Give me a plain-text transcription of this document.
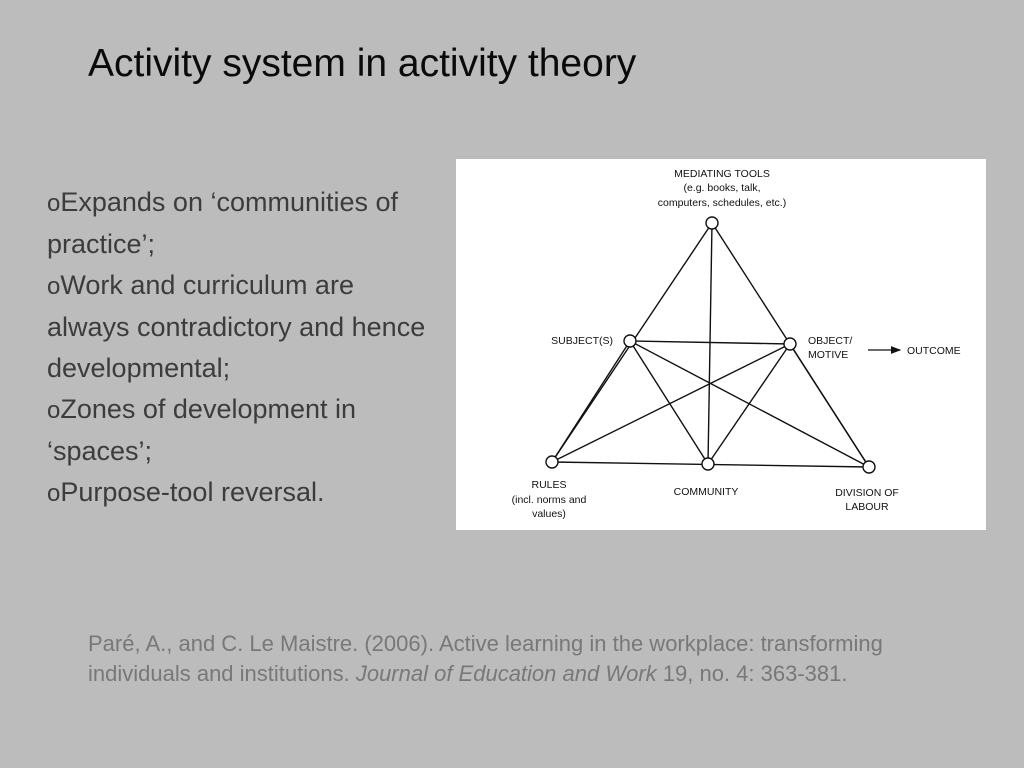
Activity system in activity theory
oExpands on ‘communities of practice’;
oWork and curriculum are always contradictory and hence developmental;
oZones of development in ‘spaces’;
oPurpose-tool reversal.
MEDIATING TOOLS
(e.g. books, talk,
computers, schedules, etc.)
SUBJECT(S)	OBJECT/
MOTIVE	OUTCOME
RULES
(incl. norms and
values)
COMMUNITY	DIVISION OF
LABOUR

Paré, A., and C. Le Maistre. (2006). Active learning in the workplace: transforming individuals and institutions. Journal of Education and Work 19, no. 4: 363-381.
